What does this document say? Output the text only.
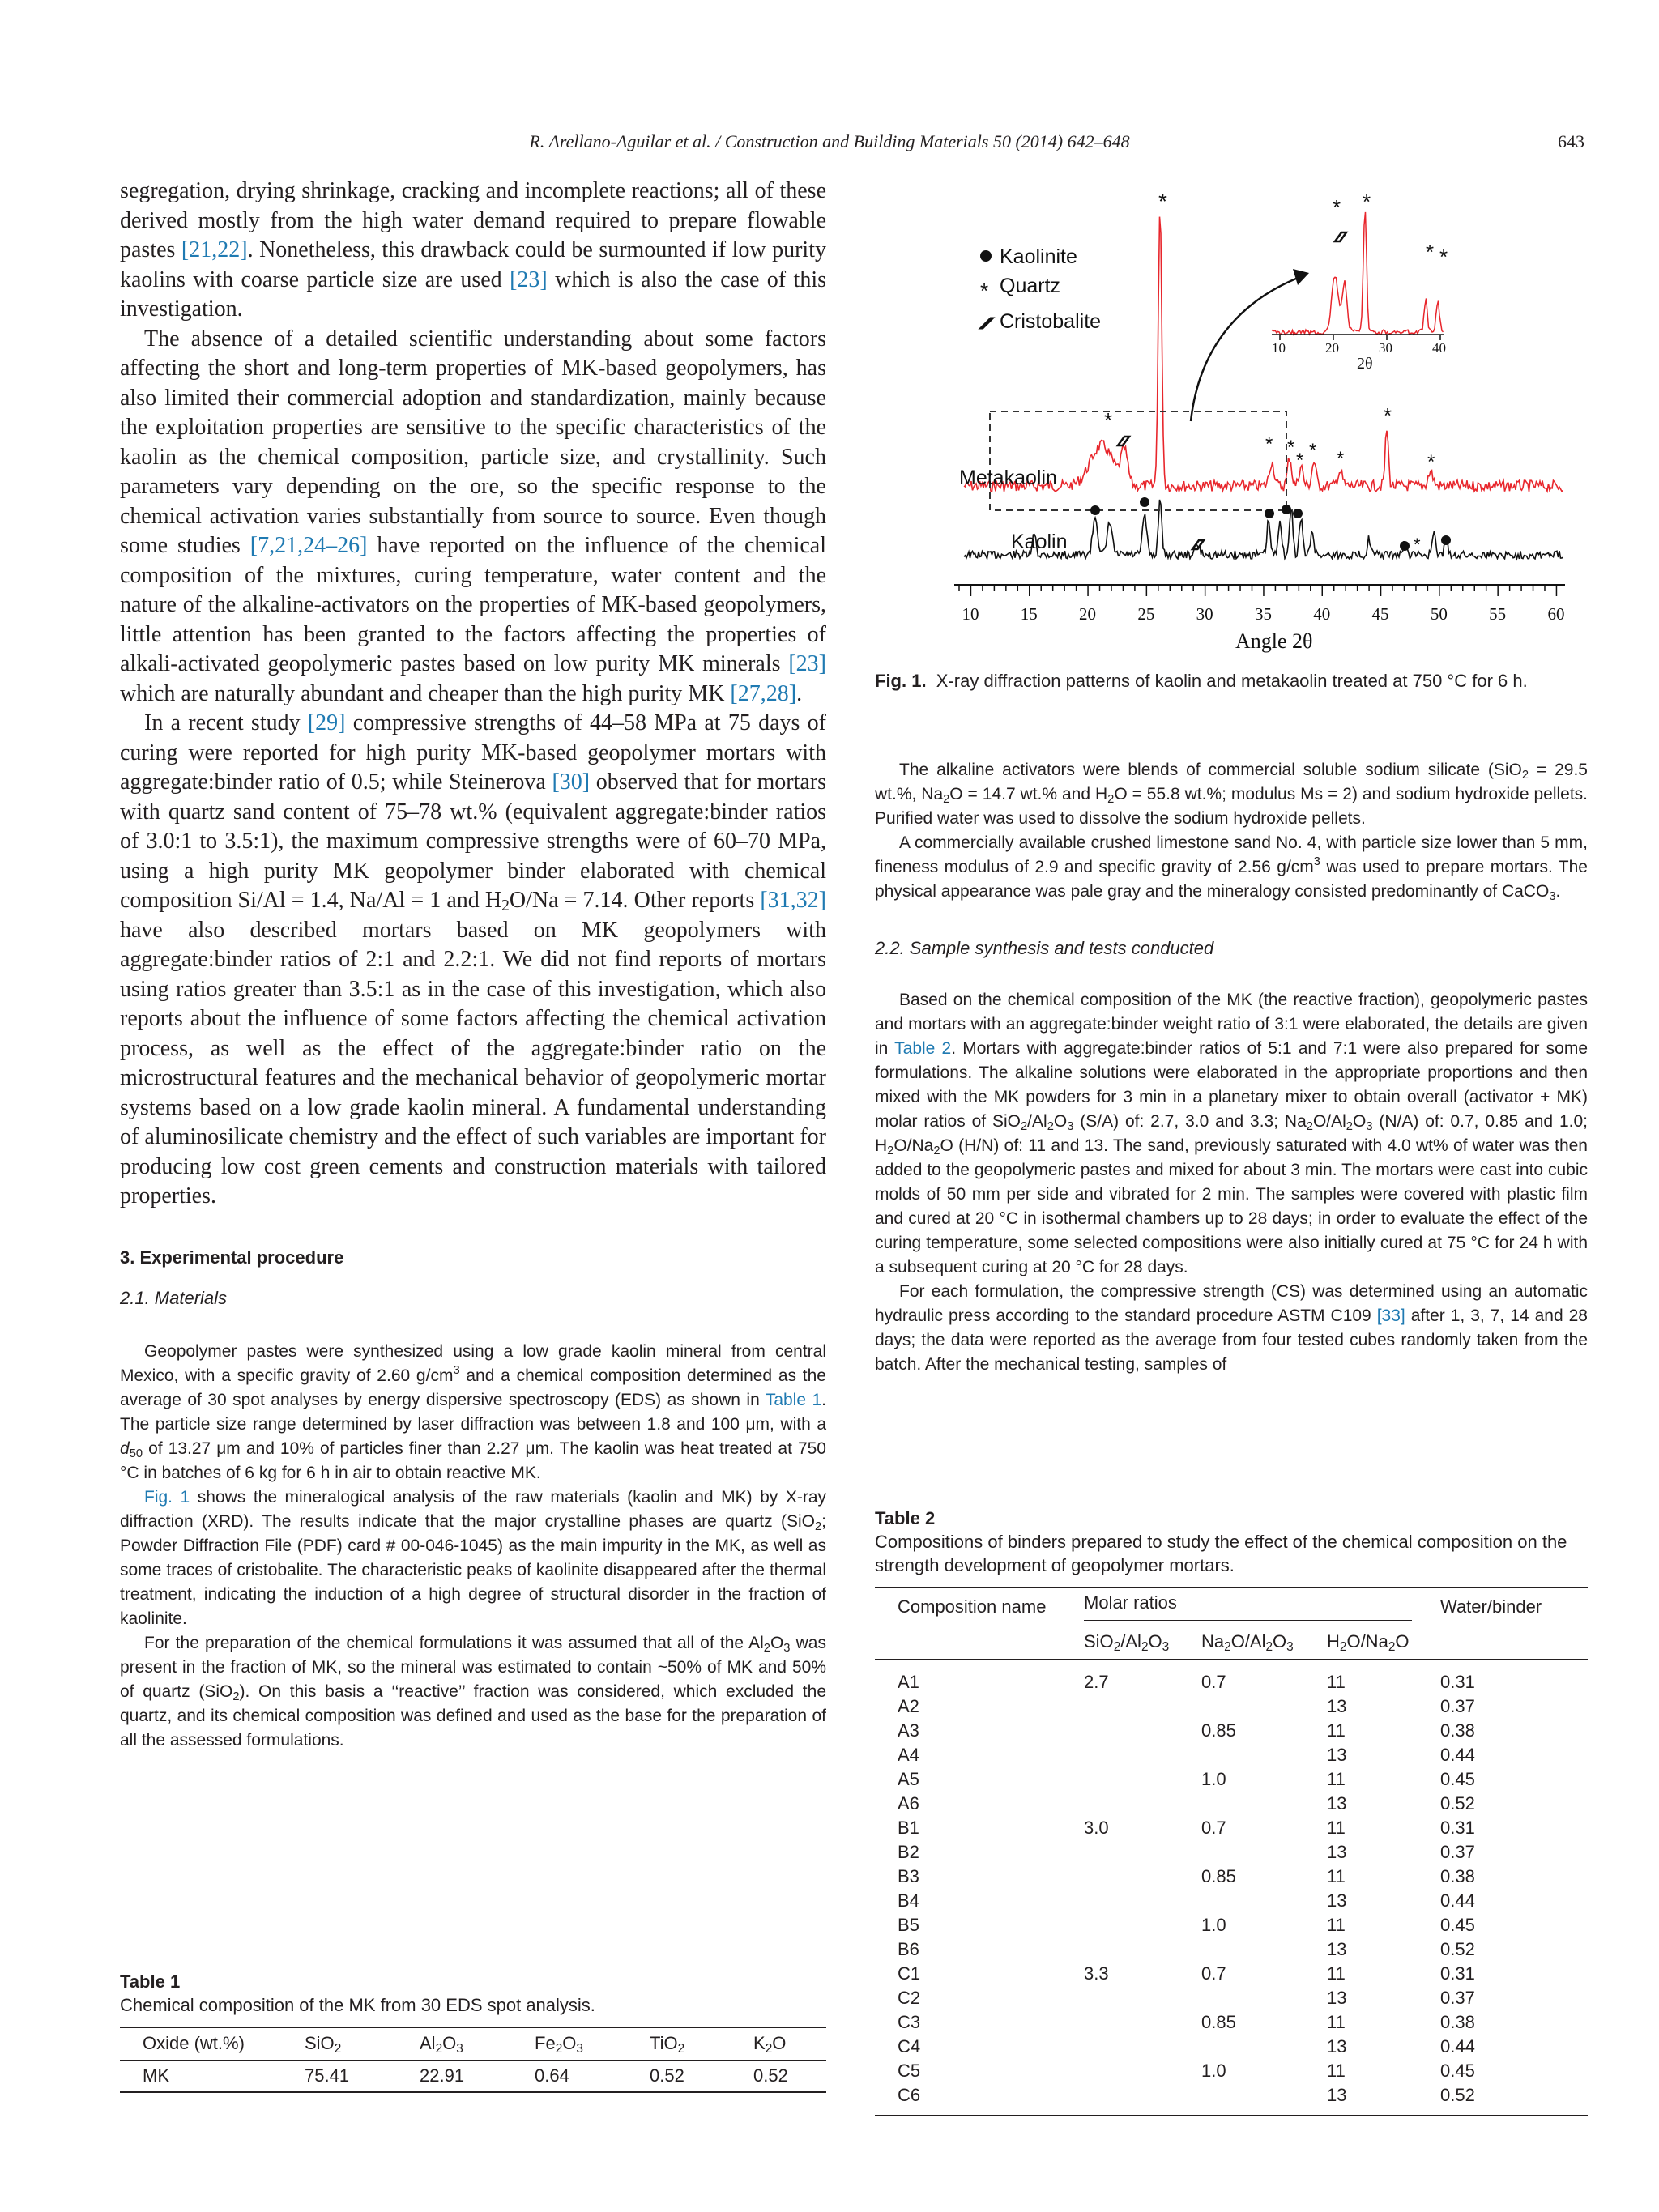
R. Arellano-Aguilar et al. / Construction and Building Materials 50 (2014) 642–648	643

segregation, drying shrinkage, cracking and incomplete reactions; all of these derived mostly from the high water demand required to prepare flowable pastes [21,22]. Nonetheless, this drawback could be surmounted if low purity kaolins with coarse particle size are used [23] which is also the case of this investigation.

The absence of a detailed scientific understanding about some factors affecting the short and long-term properties of MK-based geopolymers, has also limited their commercial adoption and standardization, mainly because the exploitation properties are sensitive to the specific characteristics of the kaolin as the chemical composition, particle size, and crystallinity. Such parameters vary depending on the ore, so the specific response to the chemical activation varies substantially from source to source. Even though some studies [7,21,24–26] have reported on the influence of the chemical composition of the mixtures, curing temperature, water content and the nature of the alkaline-activators on the properties of MK-based geopolymers, little attention has been granted to the factors affecting the properties of alkali-activated geopolymeric pastes based on low purity MK minerals [23] which are naturally abundant and cheaper than the high purity MK [27,28].

In a recent study [29] compressive strengths of 44–58 MPa at 75 days of curing were reported for high purity MK-based geopolymer mortars with aggregate:binder ratio of 0.5; while Steinerova [30] observed that for mortars with quartz sand content of 75–78 wt.% (equivalent aggregate:binder ratios of 3.0:1 to 3.5:1), the maximum compressive strengths were of 60–70 MPa, using a high purity MK geopolymer binder elaborated with chemical composition Si/Al = 1.4, Na/Al = 1 and $H_2O/Na = 7.14$. Other reports [31,32] have also described mortars based on MK geopolymers with aggregate:binder ratios of 2:1 and 2.2:1. We did not find reports of mortars using ratios greater than 3.5:1 as in the case of this investigation, which also reports about the influence of some factors affecting the chemical activation process, as well as the effect of the aggregate:binder ratio on the microstructural features and the mechanical behavior of geopolymeric mortar systems based on a low grade kaolin mineral. A fundamental understanding of aluminosilicate chemistry and the effect of such variables are important for producing low cost green cements and construction materials with tailored properties.

3. Experimental procedure
2.1. Materials

Geopolymer pastes were synthesized using a low grade kaolin mineral from central Mexico, with a specific gravity of 2.60 $g/cm^3$ and a chemical composition determined as the average of 30 spot analyses by energy dispersive spectroscopy (EDS) as shown in Table 1. The particle size range determined by laser diffraction was between 1.8 and 100 μm, with a $d_{50}$ of 13.27 μm and 10% of particles finer than 2.27 μm. The kaolin was heat treated at 750 °C in batches of 6 kg for 6 h in air to obtain reactive MK.

Fig. 1 shows the mineralogical analysis of the raw materials (kaolin and MK) by X-ray diffraction (XRD). The results indicate that the major crystalline phases are quartz (SiO$_2$; Powder Diffraction File (PDF) card # 00-046-1045) as the main impurity in the MK, as well as some traces of cristobalite. The characteristic peaks of kaolinite disappeared after the thermal treatment, indicating the induction of a high degree of structural disorder in the fraction of kaolinite.

For the preparation of the chemical formulations it was assumed that all of the $Al_2O_3$ was present in the fraction of MK, so the mineral was estimated to contain ~50% of MK and 50% of quartz (SiO$_2$). On this basis a ‘‘reactive’’ fraction was considered, which excluded the quartz, and its chemical composition was defined and used as the base for the preparation of all the assessed formulations.

Table 1
Chemical composition of the MK from 30 EDS spot analysis.
Oxide (wt.%)	SiO$_2$	$Al_2O_3$	$Fe_2O_3$	TiO$_2$	$K_2O$
MK	75.41	22.91	0.64	0.52	0.52
Kaolinite
* Quartz
Cristobalite
10	20	30	40
2θ
* *
* *
*
*
* *
* * *
*
*
*
Metakaolin
Kaolin
10 15 20 25 30 35 40 45 50 55 60
Angle 2θ
Fig. 1. X-ray diffraction patterns of kaolin and metakaolin treated at 750 °C for 6 h.

The alkaline activators were blends of commercial soluble sodium silicate (SiO$_2$ = 29.5 wt.%, $Na_2O = 14.7$ wt.% and $H_2O = 55.8$ wt.%; modulus Ms = 2) and sodium hydroxide pellets. Purified water was used to dissolve the sodium hydroxide pellets.

A commercially available crushed limestone sand No. 4, with particle size lower than 5 mm, fineness modulus of 2.9 and specific gravity of 2.56 $g/cm^3$ was used to prepare mortars. The physical appearance was pale gray and the mineralogy consisted predominantly of CaCO$_3$.

2.2. Sample synthesis and tests conducted

Based on the chemical composition of the MK (the reactive fraction), geopolymeric pastes and mortars with an aggregate:binder weight ratio of 3:1 were elaborated, the details are given in Table 2. Mortars with aggregate:binder ratios of 5:1 and 7:1 were also prepared for some formulations. The alkaline solutions were elaborated in the appropriate proportions and then mixed with the MK powders for 3 min in a planetary mixer to obtain overall (activator + MK) molar ratios of $SiO_2/Al_2O_3$ (S/A) of: 2.7, 3.0 and 3.3; $Na_2O/Al_2O_3$ (N/A) of: 0.7, 0.85 and 1.0; $H_2O/Na_2O$ (H/N) of: 11 and 13. The sand, previously saturated with 4.0 wt% of water was then added to the geopolymeric pastes and mixed for about 3 min. The mortars were cast into cubic molds of 50 mm per side and vibrated for 2 min. The samples were covered with plastic film and cured at 20 °C in isothermal chambers up to 28 days; in order to evaluate the effect of the curing temperature, some selected compositions were also initially cured at 75 °C for 24 h with a subsequent curing at 20 °C for 28 days.

For each formulation, the compressive strength (CS) was determined using an automatic hydraulic press according to the standard procedure ASTM C109 [33] after 1, 3, 7, 14 and 28 days; the data were reported as the average from four tested cubes randomly taken from the batch. After the mechanical testing, samples of

Table 2
Compositions of binders prepared to study the effect of the chemical composition on the strength development of geopolymer mortars.
Composition name	Molar ratios			Water/binder
	$SiO_2/Al_2O_3$	$Na_2O/Al_2O_3$	$H_2O/Na_2O$	

A1	2.7	0.7	11	0.31
A2			13	0.37
A3		0.85	11	0.38
A4			13	0.44
A5		1.0	11	0.45
A6			13	0.52
B1	3.0	0.7	11	0.31
B2			13	0.37
B3		0.85	11	0.38
B4			13	0.44
B5		1.0	11	0.45
B6			13	0.52
C1	3.3	0.7	11	0.31
C2			13	0.37
C3		0.85	11	0.38
C4			13	0.44
C5		1.0	11	0.45
C6			13	0.52
